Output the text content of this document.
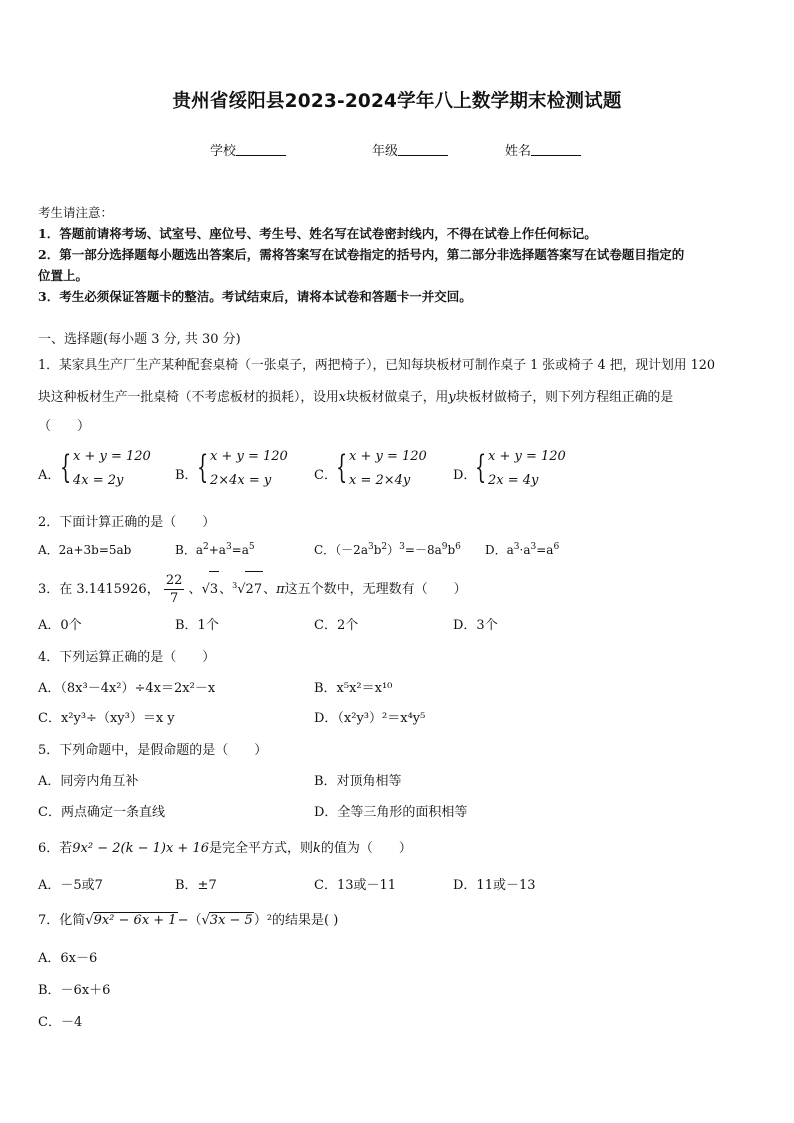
贵州省绥阳县2023-2024学年八上数学期末检测试题
学校	年级	姓名
考生请注意：
1．答题前请将考场、试室号、座位号、考生号、姓名写在试卷密封线内，不得在试卷上作任何标记。
2．第一部分选择题每小题选出答案后，需将答案写在试卷指定的括号内，第二部分非选择题答案写在试卷题目指定的
位置上。
3．考生必须保证答题卡的整洁。考试结束后，请将本试卷和答题卡一并交回。
一、选择题(每小题 3 分, 共 30 分)
1．某家具生产厂生产某种配套桌椅（一张桌子，两把椅子），已知每块板材可制作桌子 1 张或椅子 4 把，现计划用 120
块这种板材生产一批桌椅（不考虑板材的损耗），设用x块板材做桌子，用y块板材做椅子，则下列方程组正确的是
（　　）
A． { x + y = 120
4x = 2y	B． { x + y = 120
2×4x = y	C． { x + y = 120
x = 2×4y	D．
{ x + y = 120
2x = 4y
2．下面计算正确的是（　　）
A．2a+3b=5ab	B．$a^2+a^3=a^5$	C．$(-2a^3b^2)^3=-8a^9b^6$ D．$a^3\cdot a^3=a^6$
3．在 3.1415926， $\frac{22}{7}$ 、√3、$^3$√27、π这五个数中，无理数有（　　）
A．0个	B．1个	C．2个	D．3个
4．下列运算正确的是（　　）
A．（8x³－4x²）÷4x＝2x²－x	B．x⁵x²＝x¹⁰
C．x²y³÷（xy³）＝x y	D．（x²y³）²＝x⁴y⁵
5．下列命题中，是假命题的是（　　）
A．同旁内角互补	B．对顶角相等
C．两点确定一条直线	D．全等三角形的面积相等
6．若9x² − 2(k − 1)x + 16是完全平方式，则k的值为（　　）
A．－5或7	B．±7	C．13或－11	D．11或－13
7．化简√9x² − 6x + 1−（√3x − 5）²的结果是( )
A．6x－6
B．－6x＋6
C．－4
